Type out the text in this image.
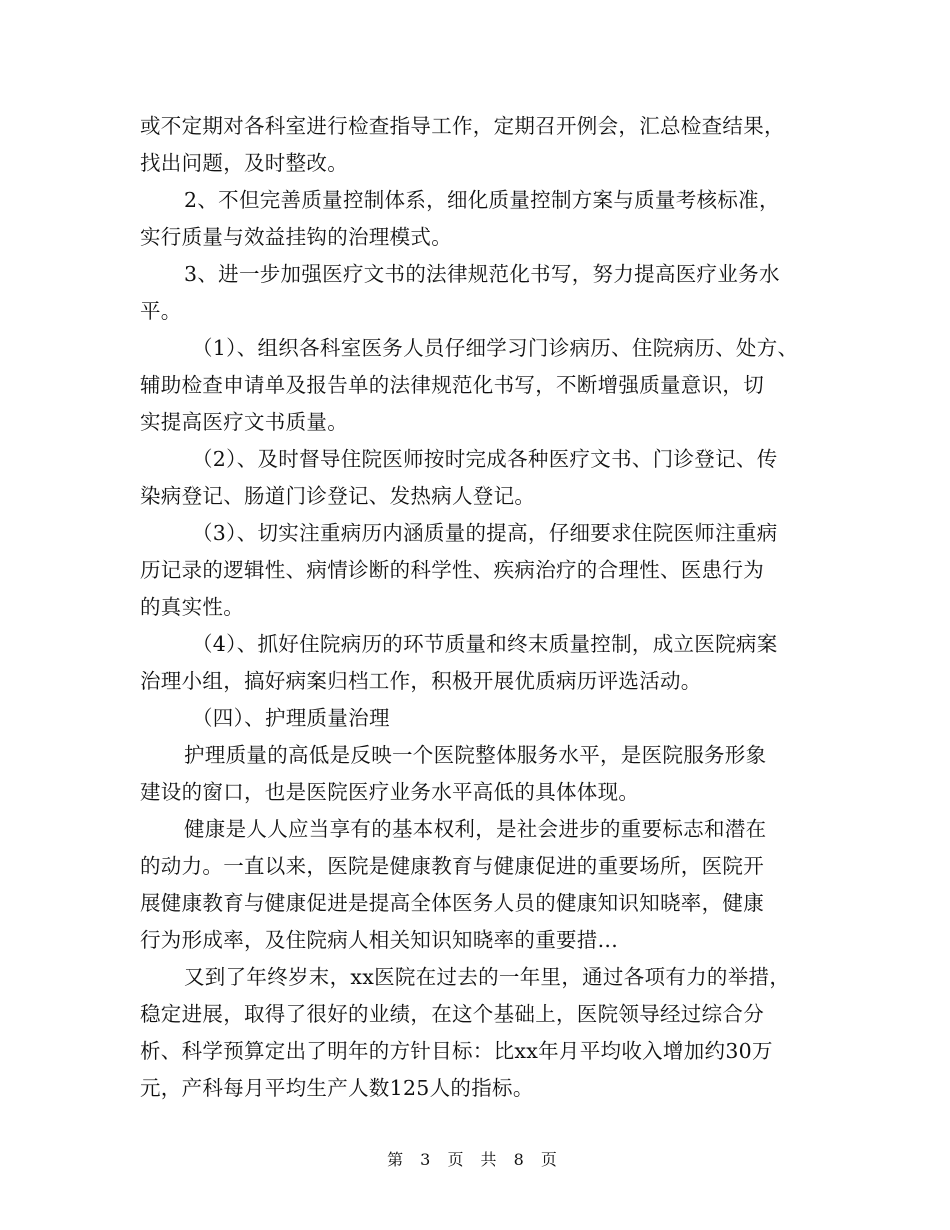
或不定期对各科室进行检查指导工作，定期召开例会，汇总检查结果，
找出问题，及时整改。
2、不但完善质量控制体系，细化质量控制方案与质量考核标准，
实行质量与效益挂钩的治理模式。
3、进一步加强医疗文书的法律规范化书写，努力提高医疗业务水
平。
（1）、组织各科室医务人员仔细学习门诊病历、住院病历、处方、
辅助检查申请单及报告单的法律规范化书写，不断增强质量意识，切
实提高医疗文书质量。
（2）、及时督导住院医师按时完成各种医疗文书、门诊登记、传
染病登记、肠道门诊登记、发热病人登记。
（3）、切实注重病历内涵质量的提高，仔细要求住院医师注重病
历记录的逻辑性、病情诊断的科学性、疾病治疗的合理性、医患行为
的真实性。
（4）、抓好住院病历的环节质量和终末质量控制，成立医院病案
治理小组，搞好病案归档工作，积极开展优质病历评选活动。
（四）、护理质量治理
护理质量的高低是反映一个医院整体服务水平，是医院服务形象
建设的窗口，也是医院医疗业务水平高低的具体体现。
健康是人人应当享有的基本权利，是社会进步的重要标志和潜在
的动力。一直以来，医院是健康教育与健康促进的重要场所，医院开
展健康教育与健康促进是提高全体医务人员的健康知识知晓率，健康
行为形成率，及住院病人相关知识知晓率的重要措...
又到了年终岁末，xx医院在过去的一年里，通过各项有力的举措，
稳定进展，取得了很好的业绩，在这个基础上，医院领导经过综合分
析、科学预算定出了明年的方针目标：比xx年月平均收入增加约30万
元，产科每月平均生产人数125人的指标。
第 3 页 共 8 页
